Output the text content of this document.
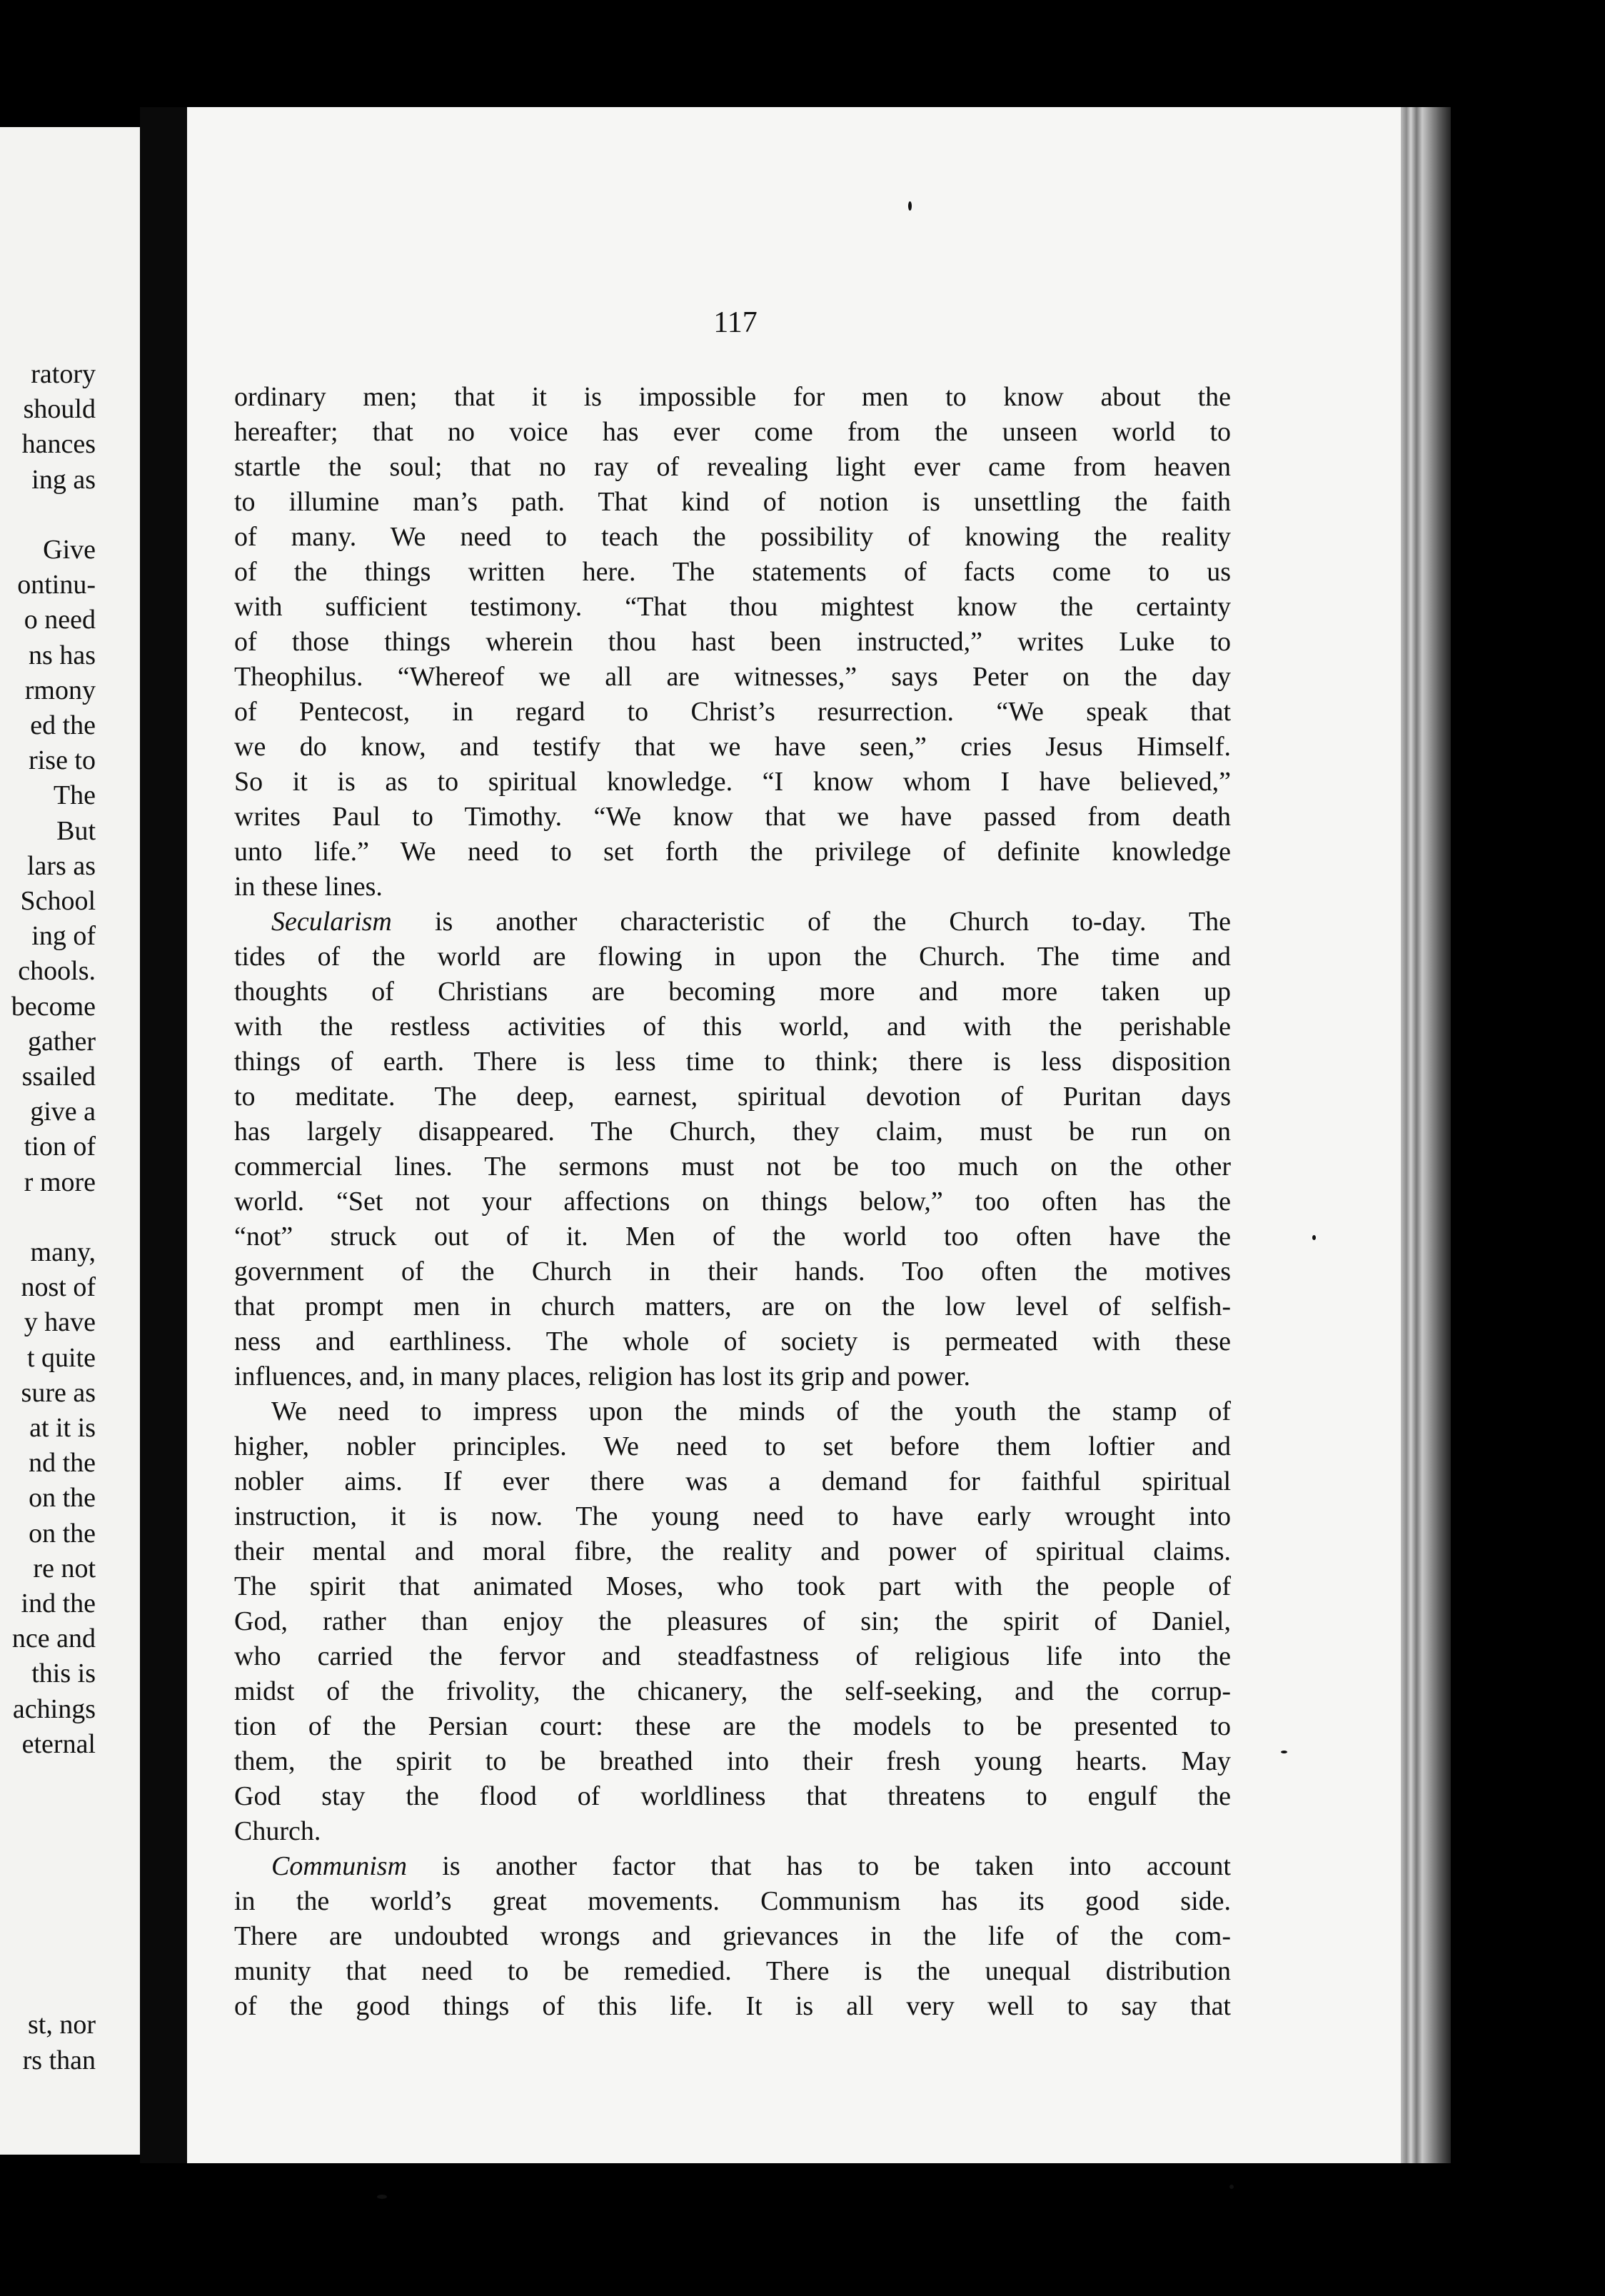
ratory
should
hances
ing as
Give
ontinu-
o need
ns has
rmony
ed the
rise to
The
But
lars as
School
ing of
chools.
become
gather
ssailed
give a
tion of
r more
many,
nost of
y have
t quite
sure as
at it is
nd the
on the
on the
re not
ind the
nce and
this is
achings
eternal
st, nor
rs than
117
ordinary men; that it is impossible for men to know about the
hereafter; that no voice has ever come from the unseen world to
startle the soul; that no ray of revealing light ever came from heaven
to illumine man’s path. That kind of notion is unsettling the faith
of many. We need to teach the possibility of knowing the reality
of the things written here. The statements of facts come to us
with sufficient testimony. “That thou mightest know the certainty
of those things wherein thou hast been instructed,” writes Luke to
Theophilus. “Whereof we all are witnesses,” says Peter on the day
of Pentecost, in regard to Christ’s resurrection. “We speak that
we do know, and testify that we have seen,” cries Jesus Himself.
So it is as to spiritual knowledge. “I know whom I have believed,”
writes Paul to Timothy. “We know that we have passed from death
unto life.” We need to set forth the privilege of definite knowledge
in these lines.
Secularism is another characteristic of the Church to-day. The
tides of the world are flowing in upon the Church. The time and
thoughts of Christians are becoming more and more taken up
with the restless activities of this world, and with the perishable
things of earth. There is less time to think; there is less disposition
to meditate. The deep, earnest, spiritual devotion of Puritan days
has largely disappeared. The Church, they claim, must be run on
commercial lines. The sermons must not be too much on the other
world. “Set not your affections on things below,” too often has the
“not” struck out of it. Men of the world too often have the
government of the Church in their hands. Too often the motives
that prompt men in church matters, are on the low level of selfish-
ness and earthliness. The whole of society is permeated with these
influences, and, in many places, religion has lost its grip and power.
We need to impress upon the minds of the youth the stamp of
higher, nobler principles. We need to set before them loftier and
nobler aims. If ever there was a demand for faithful spiritual
instruction, it is now. The young need to have early wrought into
their mental and moral fibre, the reality and power of spiritual claims.
The spirit that animated Moses, who took part with the people of
God, rather than enjoy the pleasures of sin; the spirit of Daniel,
who carried the fervor and steadfastness of religious life into the
midst of the frivolity, the chicanery, the self-seeking, and the corrup-
tion of the Persian court: these are the models to be presented to
them, the spirit to be breathed into their fresh young hearts. May
God stay the flood of worldliness that threatens to engulf the
Church.
Communism is another factor that has to be taken into account
in the world’s great movements. Communism has its good side.
There are undoubted wrongs and grievances in the life of the com-
munity that need to be remedied. There is the unequal distribution
of the good things of this life. It is all very well to say that
